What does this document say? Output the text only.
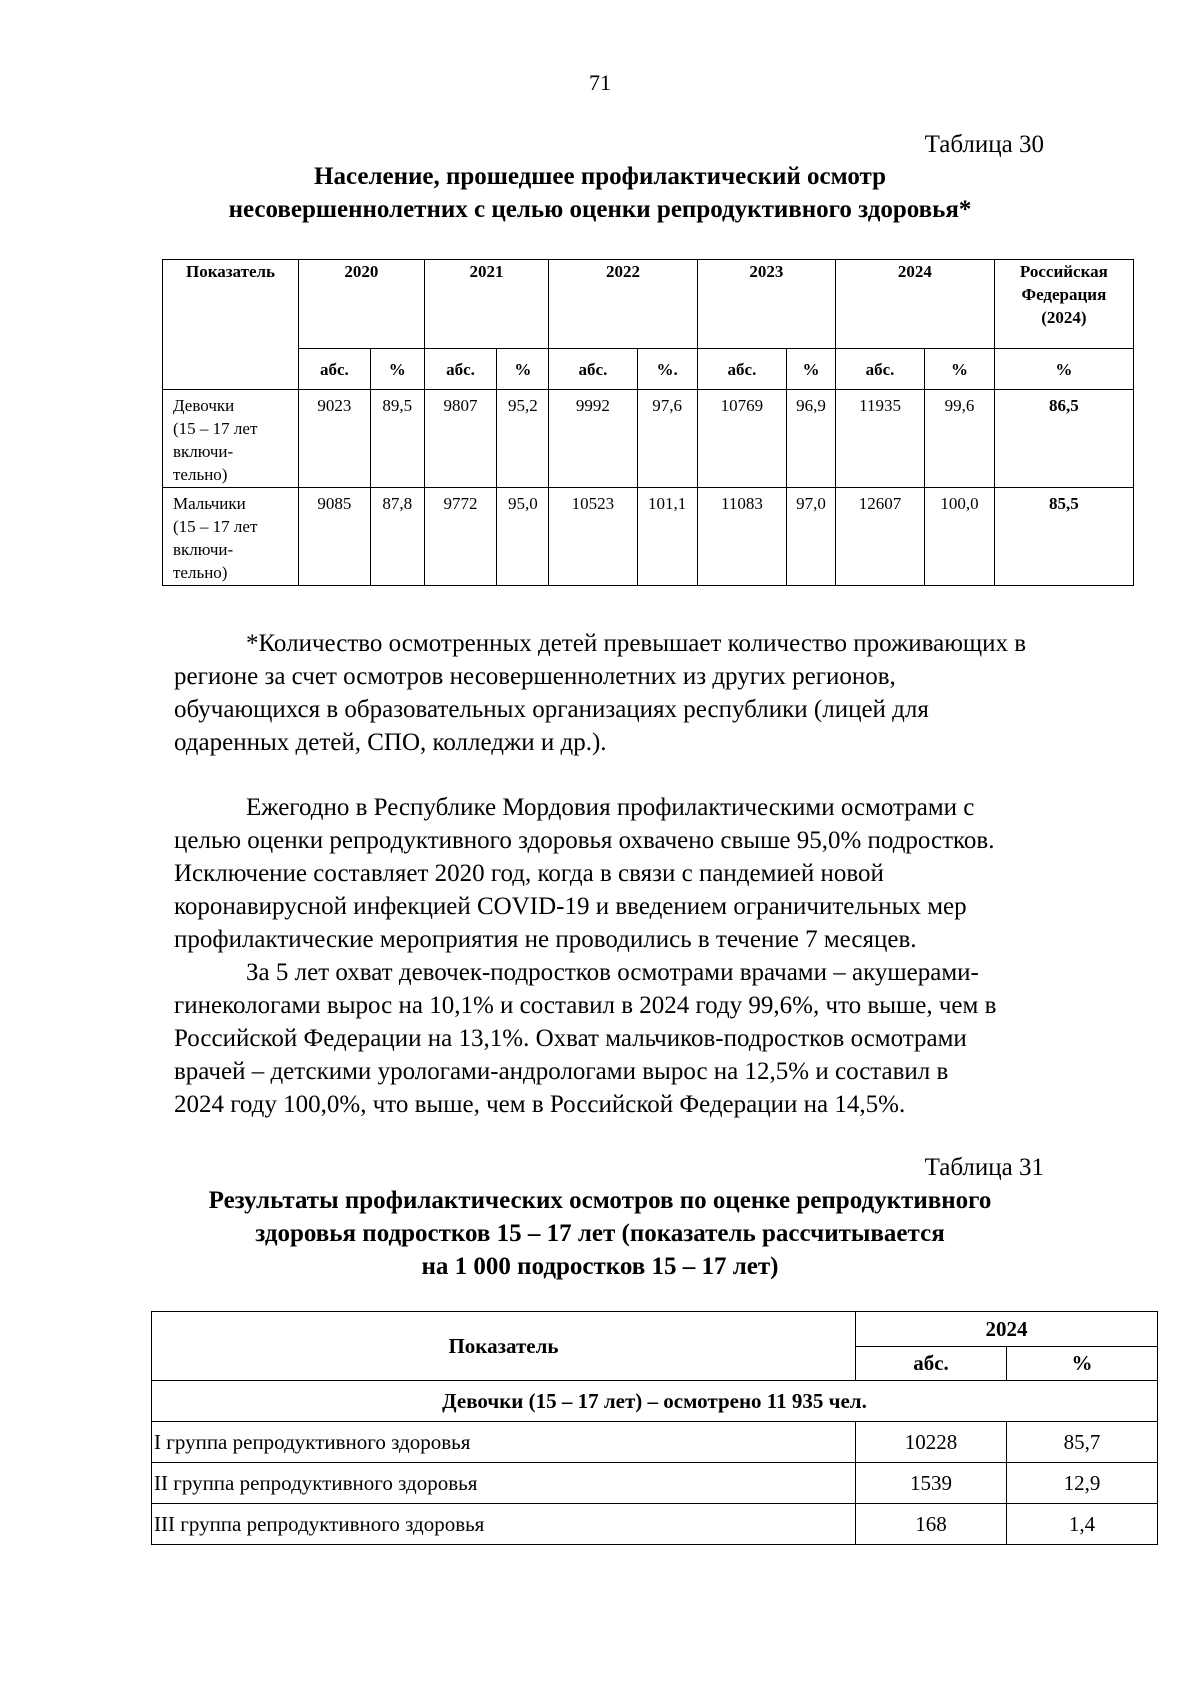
71
Таблица 30
Население, прошедшее профилактический осмотр
несовершеннолетних с целью оценки репродуктивного здоровья*
Показатель	2020		2021		2022		2023		2024		Российская
Федерация
(2024)

	абс.	%	абс.	%	абс.	%.	абс.	%	абс.	%	%

Девочки
(15 – 17 лет
включи-
тельно)	9023	89,5	9807	95,2	9992	97,6	10769	96,9	11935	99,6	86,5

Мальчики
(15 – 17 лет
включи-
тельно)	9085	87,8	9772	95,0	10523	101,1	11083	97,0	12607	100,0	85,5
*Количество осмотренных детей превышает количество проживающих в
регионе за счет осмотров несовершеннолетних из других регионов,
обучающихся в образовательных организациях республики (лицей для
одаренных детей, СПО, колледжи и др.).
Ежегодно в Республике Мордовия профилактическими осмотрами с
целью оценки репродуктивного здоровья охвачено свыше 95,0% подростков.
Исключение составляет 2020 год, когда в связи с пандемией новой
коронавирусной инфекцией COVID-19 и введением ограничительных мер
профилактические мероприятия не проводились в течение 7 месяцев.
За 5 лет охват девочек-подростков осмотрами врачами – акушерами-
гинекологами вырос на 10,1% и составил в 2024 году 99,6%, что выше, чем в
Российской Федерации на 13,1%. Охват мальчиков-подростков осмотрами
врачей – детскими урологами-андрологами вырос на 12,5% и составил в
2024 году 100,0%, что выше, чем в Российской Федерации на 14,5%.
Таблица 31
Результаты профилактических осмотров по оценке репродуктивного
здоровья подростков 15 – 17 лет (показатель рассчитывается
на 1 000 подростков 15 – 17 лет)
Показатель	2024	
	абс.	%
Девочки (15 – 17 лет) – осмотрено 11 935 чел.		
I группа репродуктивного здоровья	10228	85,7
II группа репродуктивного здоровья	1539	12,9
III группа репродуктивного здоровья	168	1,4
